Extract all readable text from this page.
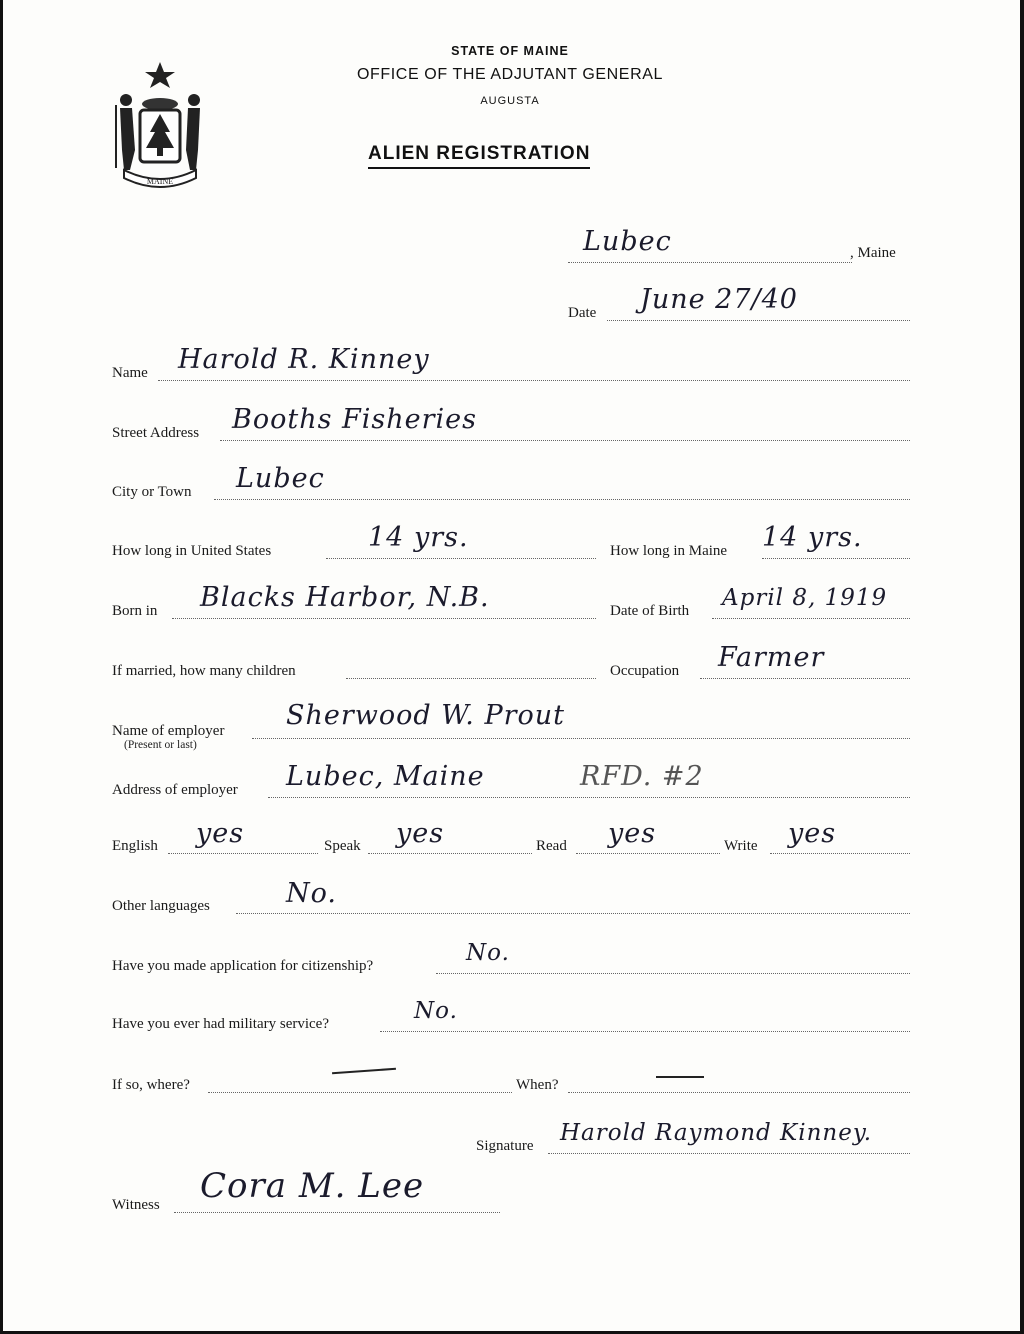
MAINE
STATE OF MAINE
OFFICE OF THE ADJUTANT GENERAL
AUGUSTA
ALIEN REGISTRATION
Lubec	, Maine
Date June 27/40
Name Harold R. Kinney
Street Address Booths Fisheries
City or Town Lubec
How long in United States	14 yrs.	How long in Maine 14 yrs.
Born in Blacks Harbor, N.B.	Date of Birth April 8, 1919
If married, how many children	Occupation Farmer
Name of employer
(Present or last)
Sherwood W. Prout
Address of employer Lubec, Maine	RFD. #2
English yes	Speak yes	Read yes	Write yes
Other languages	No.
Have you made application for citizenship?	No.
Have you ever had military service?	No.
If so, where?	When?
Signature Harold Raymond Kinney.
Witness Cora M. Lee
